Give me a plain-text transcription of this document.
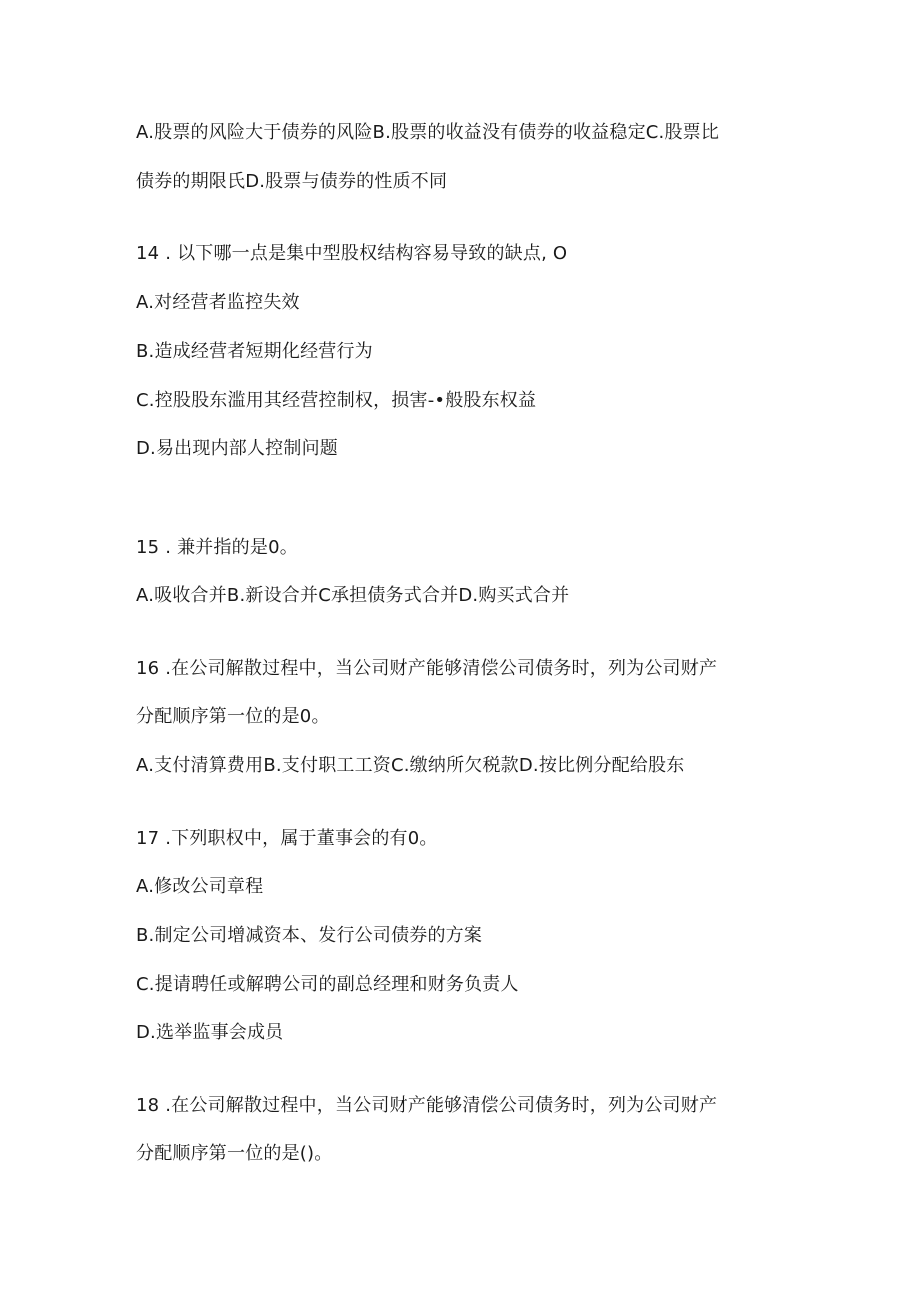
A.股票的风险大于债券的风险B.股票的收益没有债券的收益稳定C.股票比
债券的期限氏D.股票与债券的性质不同
14 . 以下哪一点是集中型股权结构容易导致的缺点, O
A.对经营者监控失效
B.造成经营者短期化经营行为
C.控股股东滥用其经营控制权，损害-•般股东权益
D.易出现内部人控制问题
15 . 兼并指的是0。
A.吸收合并B.新设合并C承担债务式合并D.购买式合并
16 .在公司解散过程中，当公司财产能够清偿公司债务时，列为公司财产
分配顺序第一位的是0。
A.支付清算费用B.支付职工工资C.缴纳所欠税款D.按比例分配给股东
17 .下列职权中，属于董事会的有0。
A.修改公司章程
B.制定公司增减资本、发行公司债券的方案
C.提请聘任或解聘公司的副总经理和财务负责人
D.选举监事会成员
18 .在公司解散过程中，当公司财产能够清偿公司债务时，列为公司财产
分配顺序第一位的是()。
